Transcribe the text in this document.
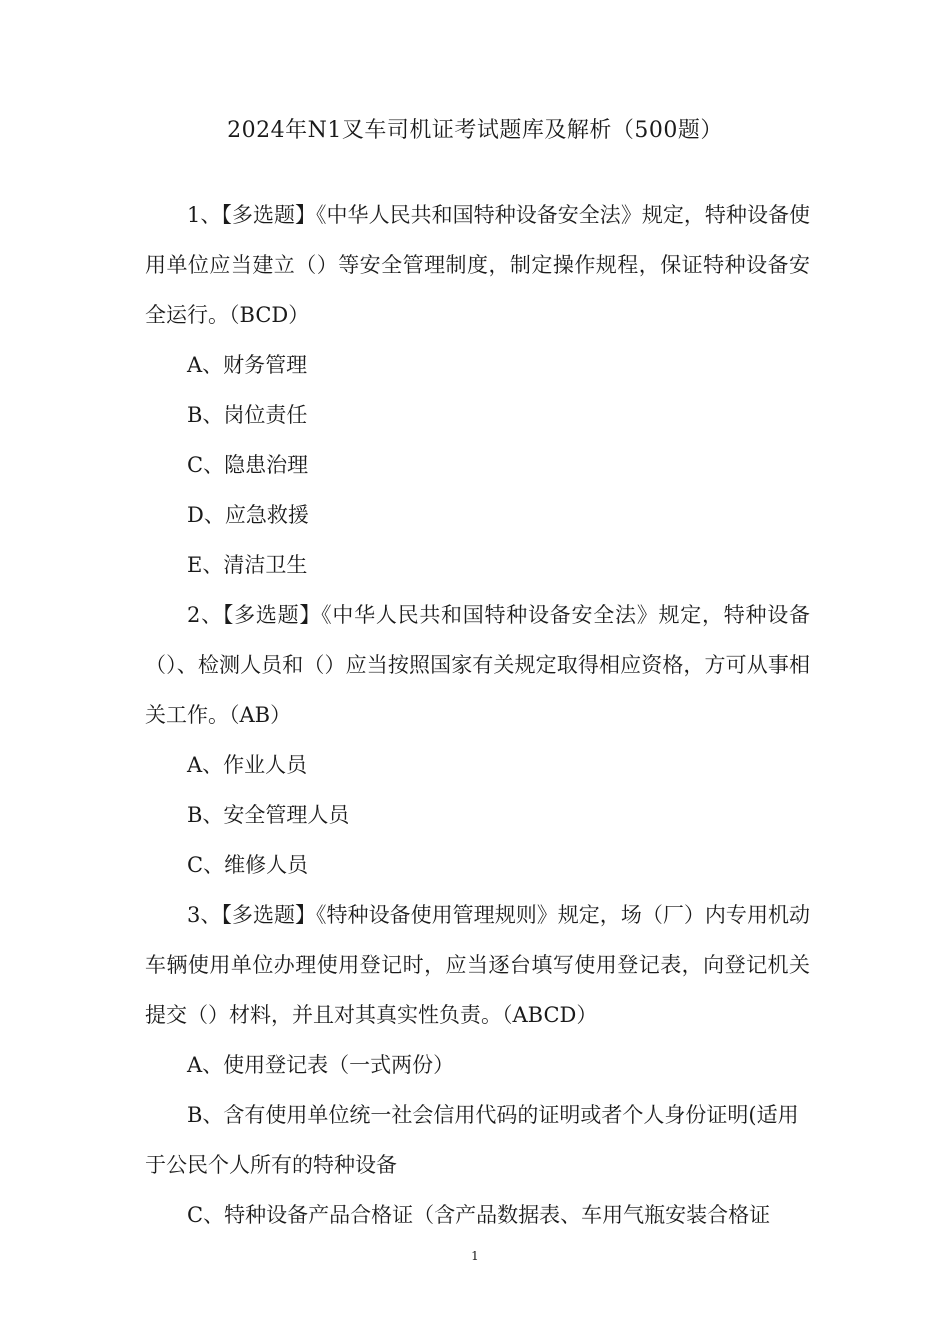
2024年N1叉车司机证考试题库及解析（500题）

1、【多选题】《中华人民共和国特种设备安全法》规定，特种设备使用单位应当建立（）等安全管理制度，制定操作规程，保证特种设备安全运行。（BCD）

A、财务管理

B、岗位责任

C、隐患治理

D、应急救援

E、清洁卫生

2、【多选题】《中华人民共和国特种设备安全法》规定，特种设备（）、检测人员和（）应当按照国家有关规定取得相应资格，方可从事相关工作。（AB）

A、作业人员

B、安全管理人员

C、维修人员

3、【多选题】《特种设备使用管理规则》规定，场（厂）内专用机动车辆使用单位办理使用登记时，应当逐台填写使用登记表，向登记机关提交（）材料，并且对其真实性负责。（ABCD）

A、使用登记表（一式两份）

B、含有使用单位统一社会信用代码的证明或者个人身份证明(适用于公民个人所有的特种设备

C、特种设备产品合格证（含产品数据表、车用气瓶安装合格证

1
